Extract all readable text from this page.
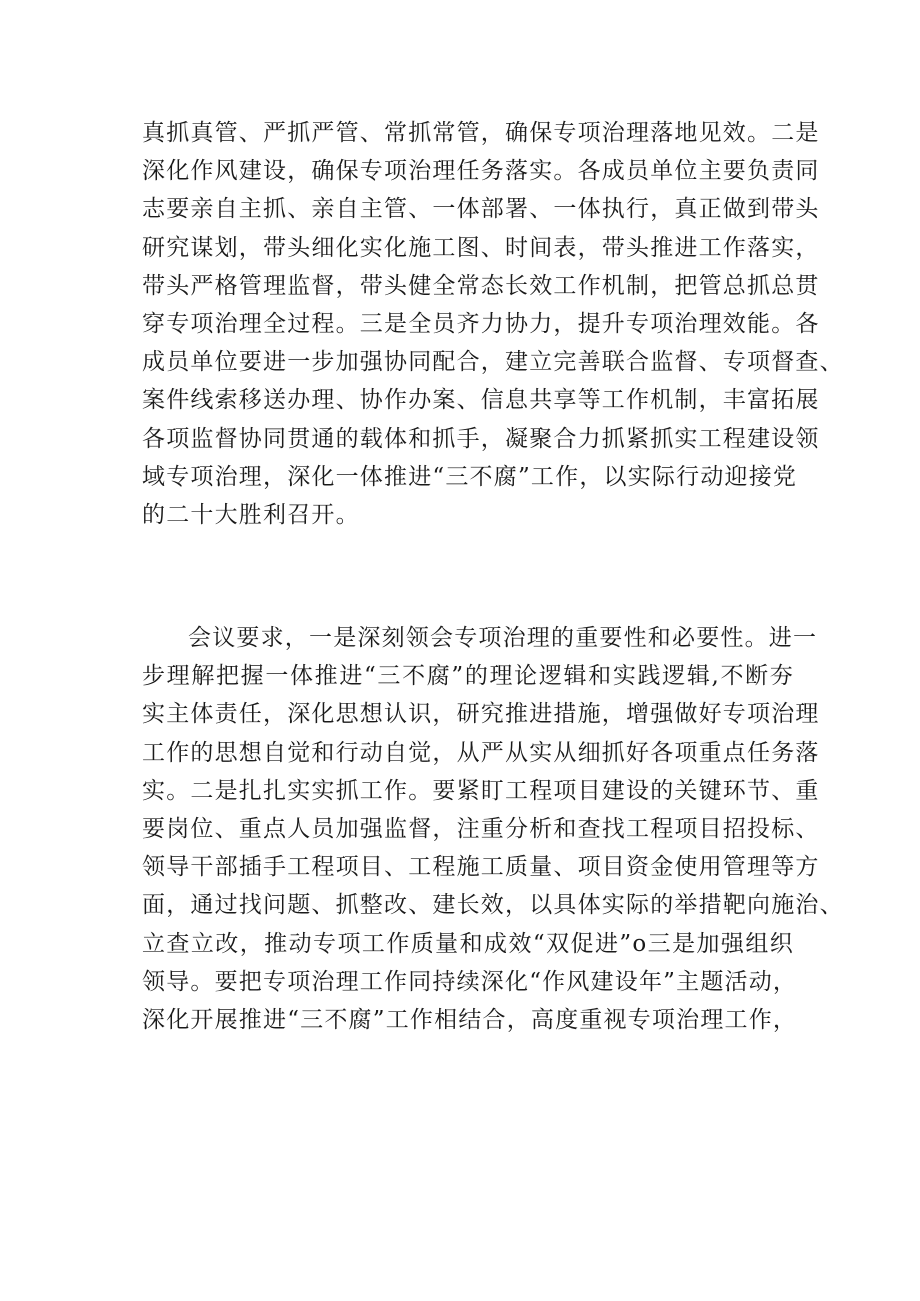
真抓真管、严抓严管、常抓常管，确保专项治理落地见效。二是

深化作风建设，确保专项治理任务落实。各成员单位主要负责同

志要亲自主抓、亲自主管、一体部署、一体执行，真正做到带头

研究谋划，带头细化实化施工图、时间表，带头推进工作落实，

带头严格管理监督，带头健全常态长效工作机制，把管总抓总贯

穿专项治理全过程。三是全员齐力协力，提升专项治理效能。各

成员单位要进一步加强协同配合，建立完善联合监督、专项督查、

案件线索移送办理、协作办案、信息共享等工作机制，丰富拓展

各项监督协同贯通的载体和抓手，凝聚合力抓紧抓实工程建设领

域专项治理，深化一体推进“三不腐”工作，以实际行动迎接党

的二十大胜利召开。

会议要求，一是深刻领会专项治理的重要性和必要性。进一

步理解把握一体推进“三不腐”的理论逻辑和实践逻辑,不断夯

实主体责任，深化思想认识，研究推进措施，增强做好专项治理

工作的思想自觉和行动自觉，从严从实从细抓好各项重点任务落

实。二是扎扎实实抓工作。要紧盯工程项目建设的关键环节、重

要岗位、重点人员加强监督，注重分析和查找工程项目招投标、

领导干部插手工程项目、工程施工质量、项目资金使用管理等方

面，通过找问题、抓整改、建长效，以具体实际的举措靶向施治、

立查立改，推动专项工作质量和成效“双促进”o三是加强组织

领导。要把专项治理工作同持续深化“作风建设年”主题活动，

深化开展推进“三不腐”工作相结合，高度重视专项治理工作，
